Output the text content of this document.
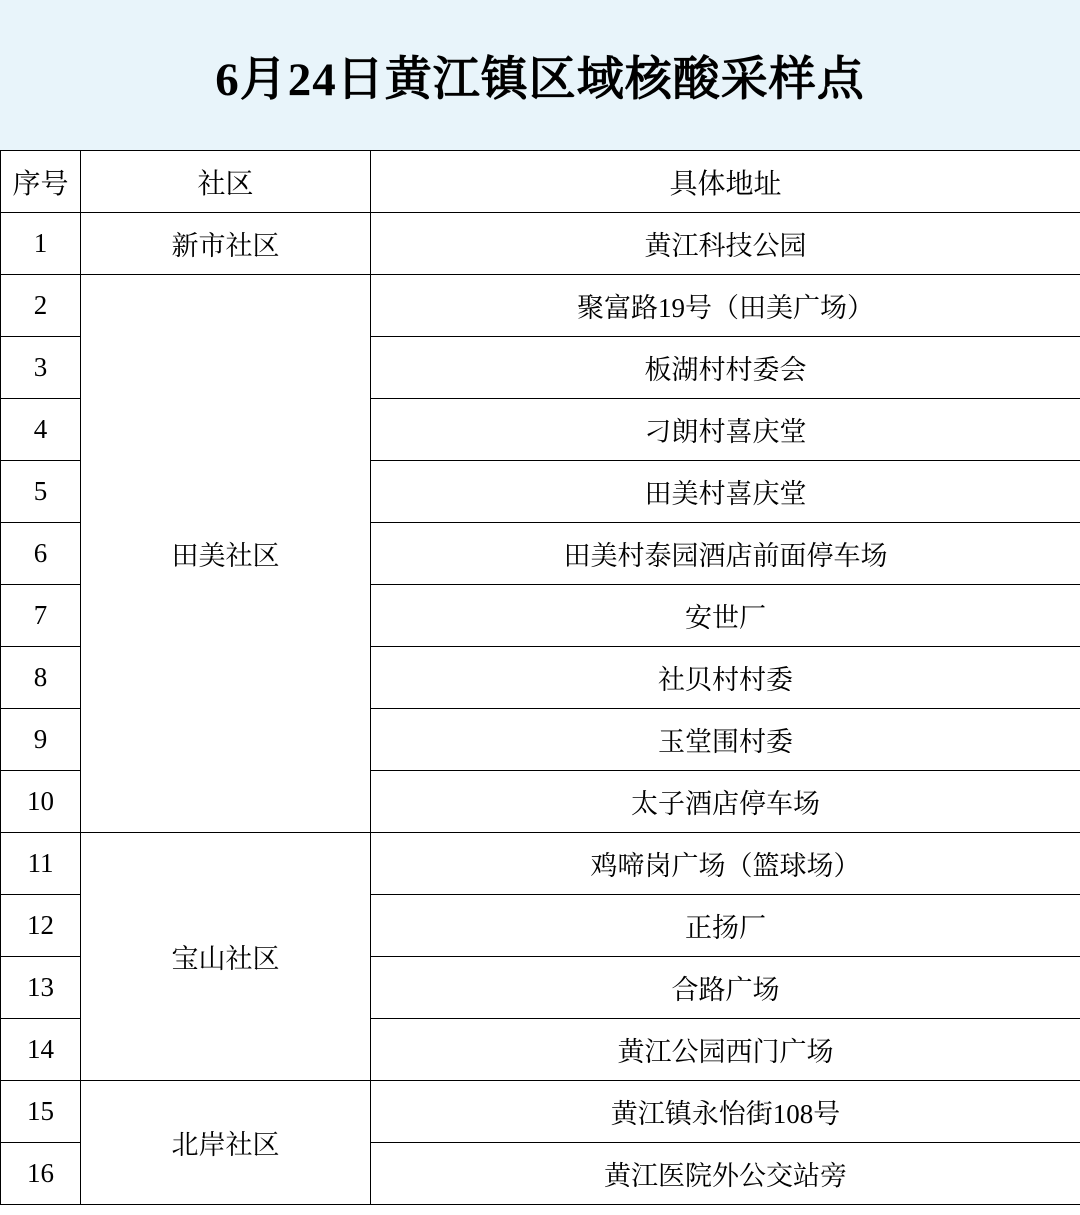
6月24日黄江镇区域核酸采样点
序号	社区	具体地址
1	新市社区	黄江科技公园
2	田美社区	聚富路19号（田美广场）
3		板湖村村委会
4		刁朗村喜庆堂
5		田美村喜庆堂
6		田美村泰园酒店前面停车场
7		安世厂
8		社贝村村委
9		玉堂围村委
10		太子酒店停车场
11	宝山社区	鸡啼岗广场（篮球场）
12		正扬厂
13		合路广场
14		黄江公园西门广场
15	北岸社区	黄江镇永怡街108号
16		黄江医院外公交站旁
